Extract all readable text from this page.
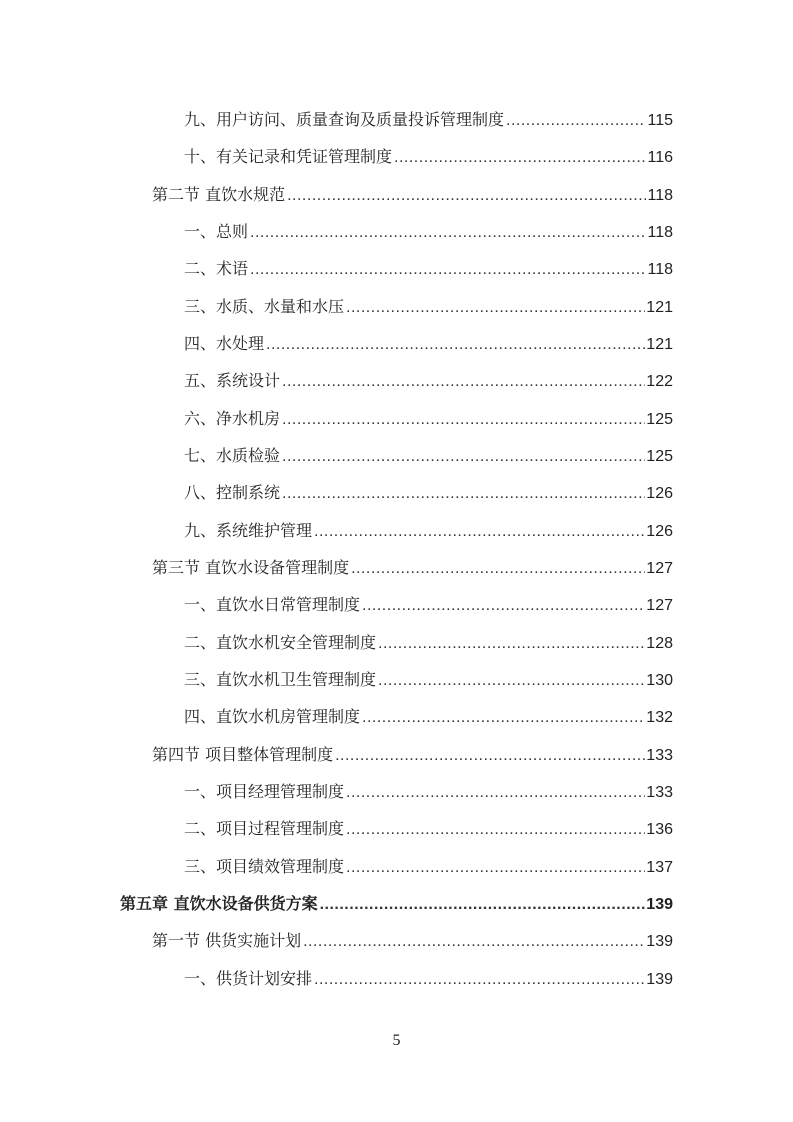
九、用户访问、质量查询及质量投诉管理制度 .....	115
十、有关记录和凭证管理制度 .....	116
第二节 直饮水规范 .....	118
一、总则 .....	118
二、术语 .....	118
三、水质、水量和水压 .....	121
四、水处理 .....	121
五、系统设计 .....	122
六、净水机房 .....	125
七、水质检验 .....	125
八、控制系统 .....	126
九、系统维护管理 .....	126
第三节 直饮水设备管理制度 .....	127
一、直饮水日常管理制度 .....	127
二、直饮水机安全管理制度 .....	128
三、直饮水机卫生管理制度 .....	130
四、直饮水机房管理制度 .....	132
第四节 项目整体管理制度 .....	133
一、项目经理管理制度 .....	133
二、项目过程管理制度 .....	136
三、项目绩效管理制度 .....	137
第五章 直饮水设备供货方案 .....	139
第一节 供货实施计划 .....	139
一、供货计划安排 .....	139
5
